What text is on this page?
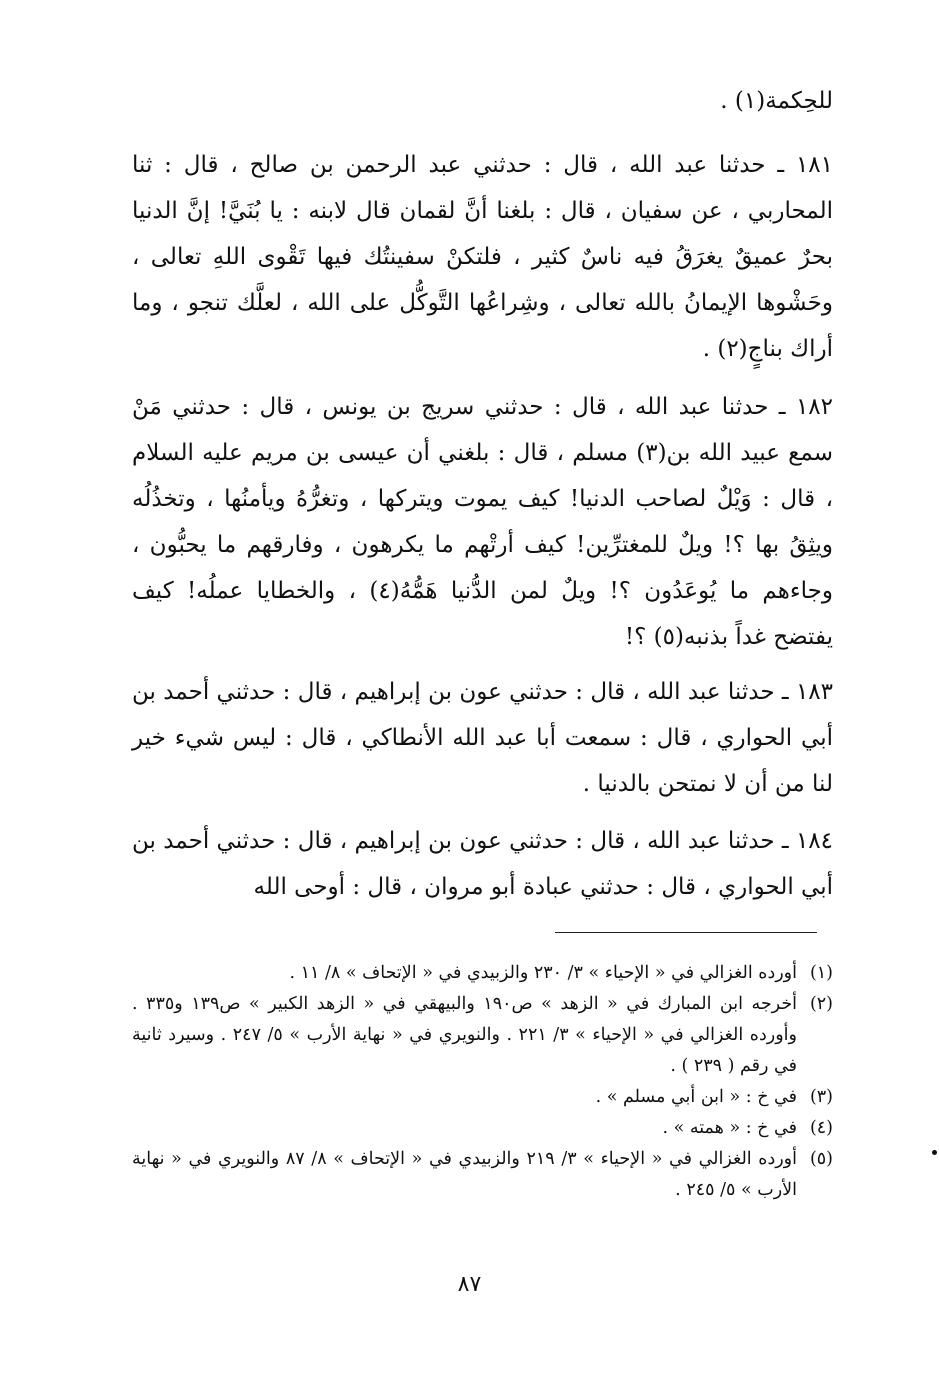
للحِكمة(١) .

١٨١ ـ حدثنا عبد الله ، قال : حدثني عبد الرحمن بن صالح ، قال : ثنا المحاربي ، عن سفيان ، قال : بلغنا أنَّ لقمان قال لابنه : يا بُنَيَّ! إنَّ الدنيا بحرٌ عميقٌ يغرَقُ فيه ناسٌ كثير ، فلتكنْ سفينتُك فيها تَقْوى اللهِ تعالى ، وحَشْوها الإيمانُ بالله تعالى ، وشِراعُها التَّوكُّل على الله ، لعلَّك تنجو ، وما أراك بناجٍ(٢) .

١٨٢ ـ حدثنا عبد الله ، قال : حدثني سريج بن يونس ، قال : حدثني مَنْ سمع عبيد الله بن(٣) مسلم ، قال : بلغني أن عيسى بن مريم عليه السلام ، قال : وَيْلٌ لصاحب الدنيا! كيف يموت ويتركها ، وتغرُّهُ ويأمنُها ، وتخذُلُه ويثِقُ بها ؟! ويلٌ للمغترِّين! كيف أرتْهم ما يكرهون ، وفارقهم ما يحبُّون ، وجاءهم ما يُوعَدُون ؟! ويلٌ لمن الدُّنيا هَمُّهُ(٤) ، والخطايا عملُه! كيف يفتضح غداً بذنبه(٥) ؟!

١٨٣ ـ حدثنا عبد الله ، قال : حدثني عون بن إبراهيم ، قال : حدثني أحمد بن أبي الحواري ، قال : سمعت أبا عبد الله الأنطاكي ، قال : ليس شيء خير لنا من أن لا نمتحن بالدنيا .

١٨٤ ـ حدثنا عبد الله ، قال : حدثني عون بن إبراهيم ، قال : حدثني أحمد بن أبي الحواري ، قال : حدثني عبادة أبو مروان ، قال : أوحى الله

(١)
أورده الغزالي في « الإحياء » ٣/ ٢٣٠ والزبيدي في « الإتحاف » ٨/ ١١ .
(٢)
أخرجه ابن المبارك في « الزهد » ص١٩٠ والبيهقي في « الزهد الكبير » ص١٣٩ و٣٣٥ . وأورده الغزالي في « الإحياء » ٣/ ٢٢١ . والنويري في « نهاية الأرب » ٥/ ٢٤٧ . وسيرد ثانية في رقم ( ٢٣٩ ) .
(٣)
في خ : « ابن أبي مسلم » .
(٤)
في خ : « همته » .
(٥)
أورده الغزالي في « الإحياء » ٣/ ٢١٩ والزبيدي في « الإتحاف » ٨/ ٨٧ والنويري في « نهاية الأرب » ٥/ ٢٤٥ .
٨٧
